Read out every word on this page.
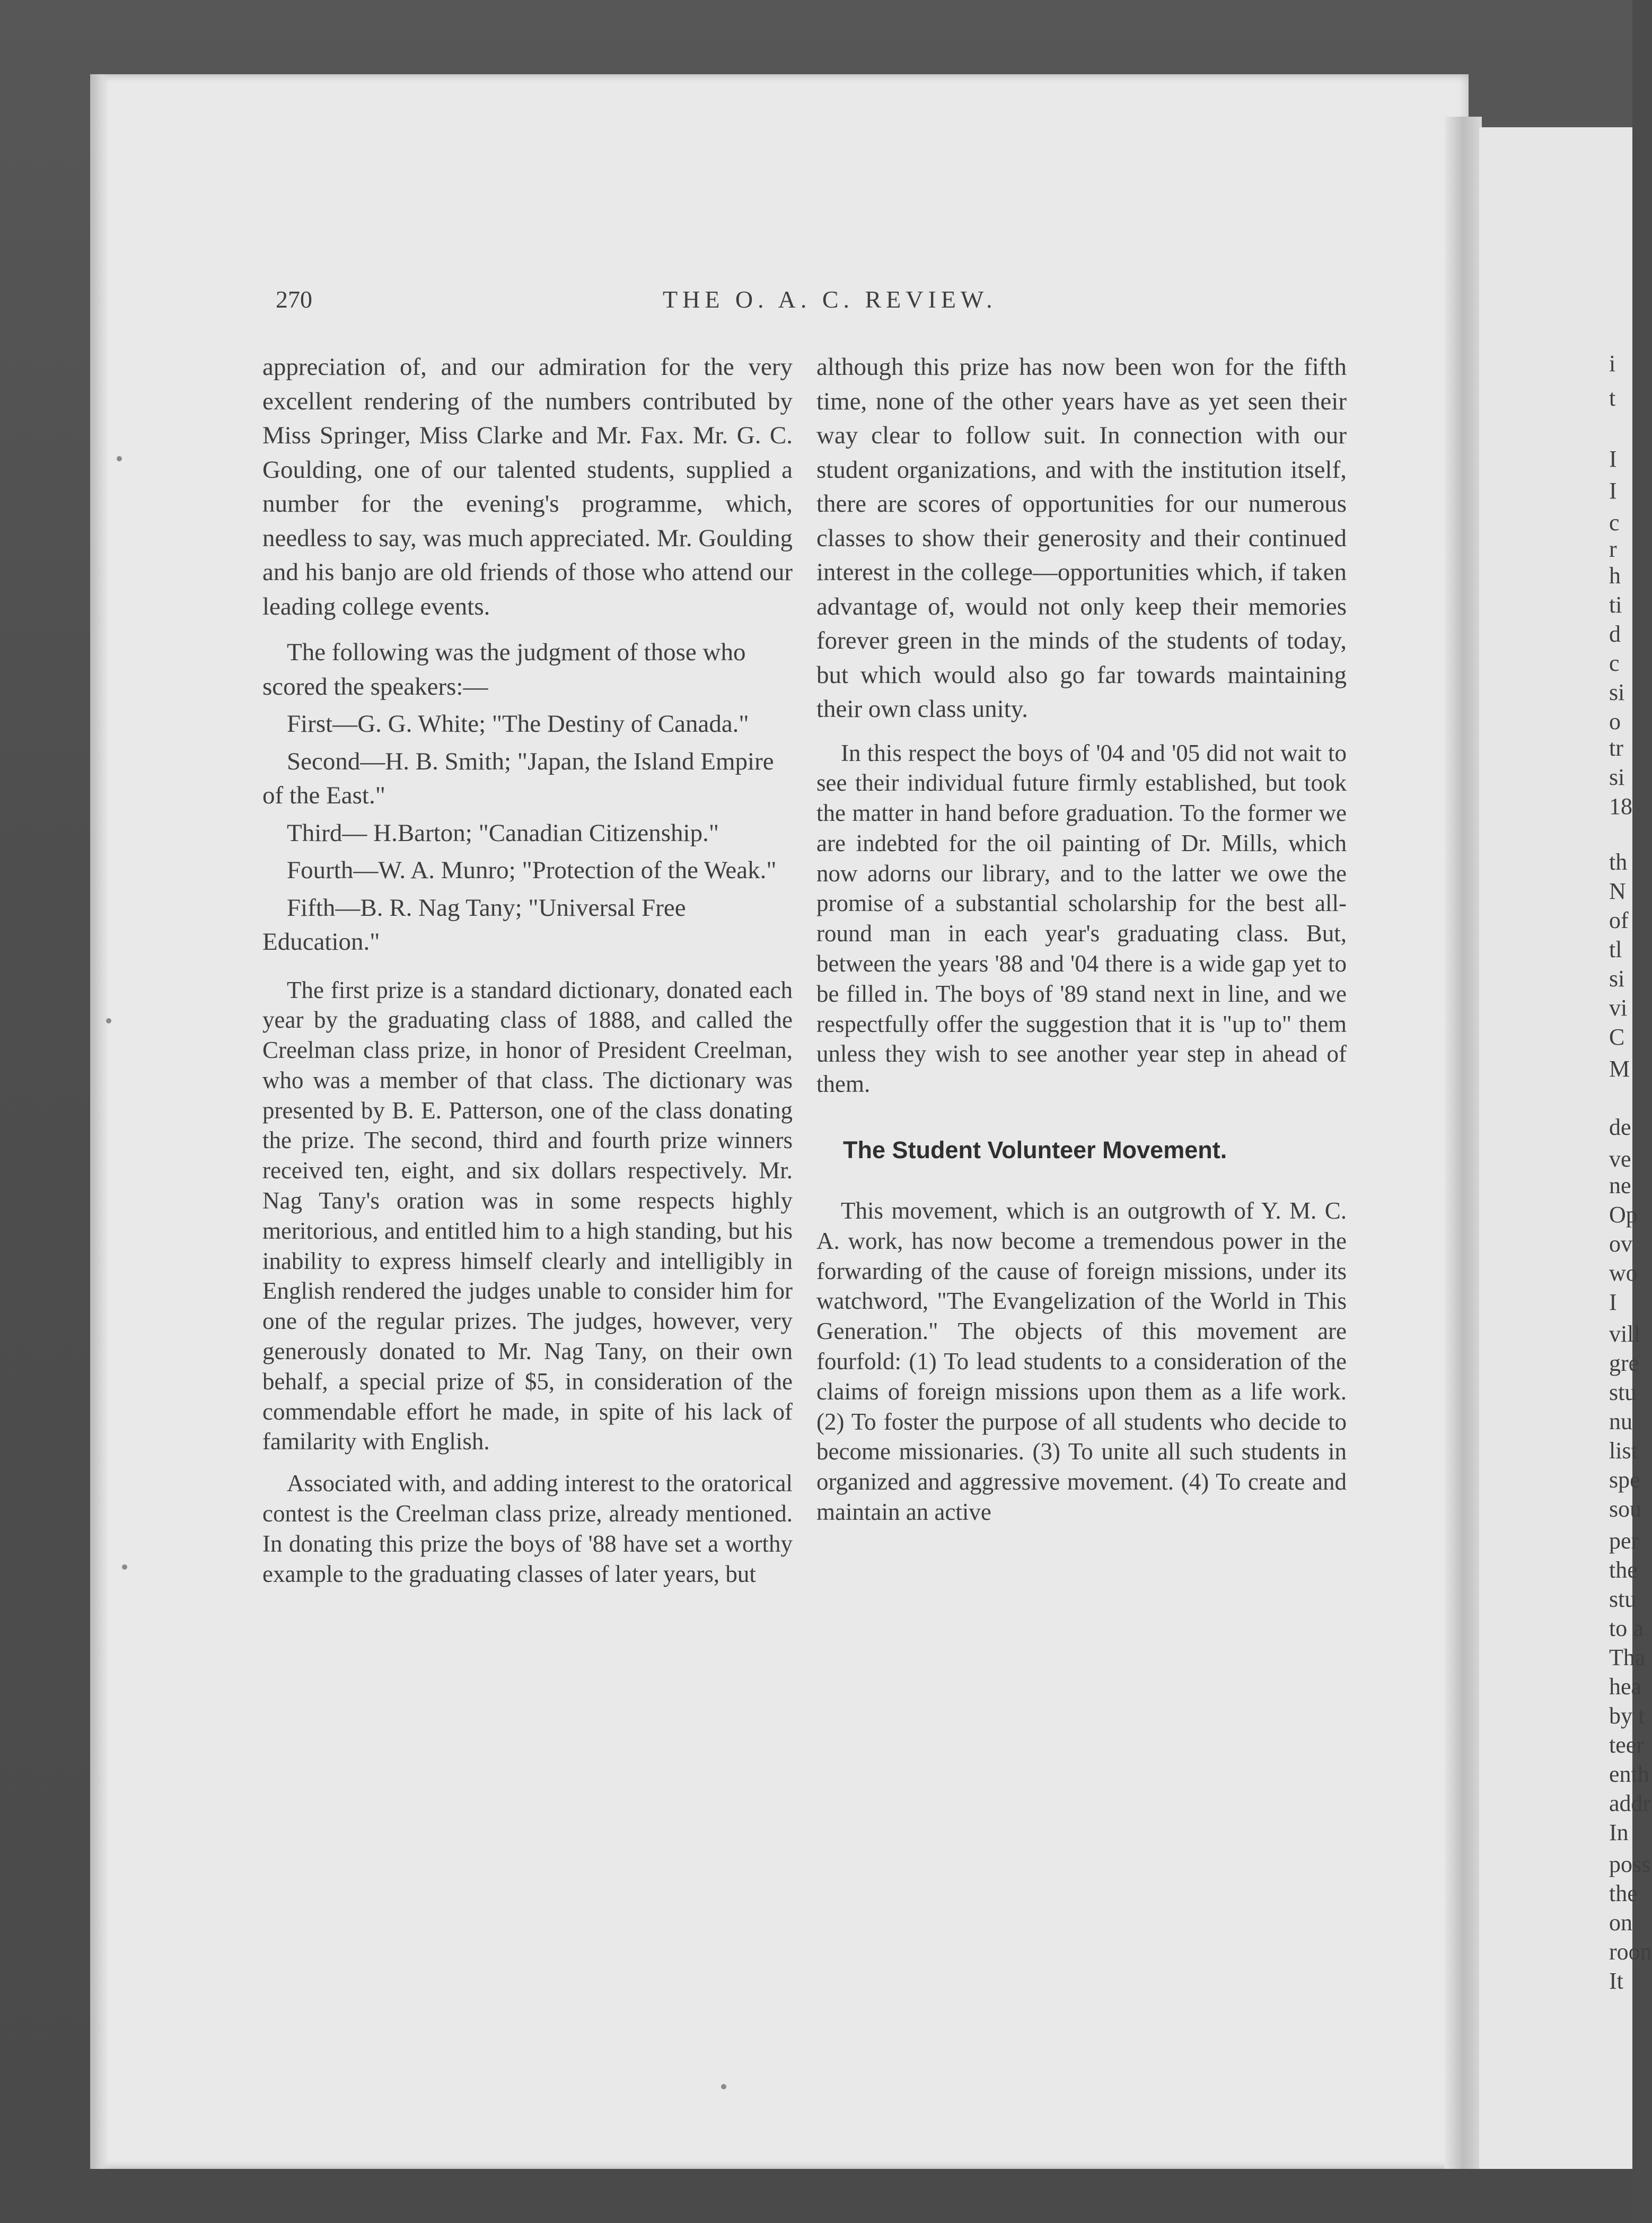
270	THE O. A. C. REVIEW.

appreciation of, and our admiration for the very excellent rendering of the numbers contributed by Miss Springer, Miss Clarke and Mr. Fax. Mr. G. C. Goulding, one of our talented students, supplied a number for the evening's programme, which, needless to say, was much appreciated. Mr. Goulding and his banjo are old friends of those who attend our leading college events.

The following was the judgment of those who scored the speakers:—

First—G. G. White; "The Destiny of Canada."

Second—H. B. Smith; "Japan, the Island Empire of the East."

Third— H.Barton; "Canadian Citizenship."

Fourth—W. A. Munro; "Protection of the Weak."

Fifth—B. R. Nag Tany; "Universal Free Education."

The first prize is a standard dictionary, donated each year by the graduating class of 1888, and called the Creelman class prize, in honor of President Creelman, who was a member of that class. The dictionary was presented by B. E. Patterson, one of the class donating the prize. The second, third and fourth prize winners received ten, eight, and six dollars respectively. Mr. Nag Tany's oration was in some respects highly meritorious, and entitled him to a high standing, but his inability to express himself clearly and intelligibly in English rendered the judges unable to consider him for one of the regular prizes. The judges, however, very generously donated to Mr. Nag Tany, on their own behalf, a special prize of $5, in consideration of the commendable effort he made, in spite of his lack of familarity with English.

Associated with, and adding interest to the oratorical contest is the Creelman class prize, already mentioned. In donating this prize the boys of '88 have set a worthy example to the graduating classes of later years, but

although this prize has now been won for the fifth time, none of the other years have as yet seen their way clear to follow suit. In connection with our student organizations, and with the institution itself, there are scores of opportunities for our numerous classes to show their generosity and their continued interest in the college—opportunities which, if taken advantage of, would not only keep their memories forever green in the minds of the students of today, but which would also go far towards maintaining their own class unity.

In this respect the boys of '04 and '05 did not wait to see their individual future firmly established, but took the matter in hand before graduation. To the former we are indebted for the oil painting of Dr. Mills, which now adorns our library, and to the latter we owe the promise of a substantial scholarship for the best all-round man in each year's graduating class. But, between the years '88 and '04 there is a wide gap yet to be filled in. The boys of '89 stand next in line, and we respectfully offer the suggestion that it is "up to" them unless they wish to see another year step in ahead of them.

The Student Volunteer Movement.

This movement, which is an outgrowth of Y. M. C. A. work, has now become a tremendous power in the forwarding of the cause of foreign missions, under its watchword, "The Evangelization of the World in This Generation." The objects of this movement are fourfold: (1) To lead students to a consideration of the claims of foreign missions upon them as a life work. (2) To foster the purpose of all students who decide to become missionaries. (3) To unite all such students in organized and aggressive movement. (4) To create and maintain an active

i
t
I
I
c
r
h
ti
d
c
si
o
tr
si
18
th
N
of
tl
si
vi
C
M
de
ve
ne
Op
ov
wo
I
vill
gre
stu
nu
list
spe
sou
per
the
stu
to a
Tha
hea
by t
teer
enth
addr
In
poss
the
on
roon
It
